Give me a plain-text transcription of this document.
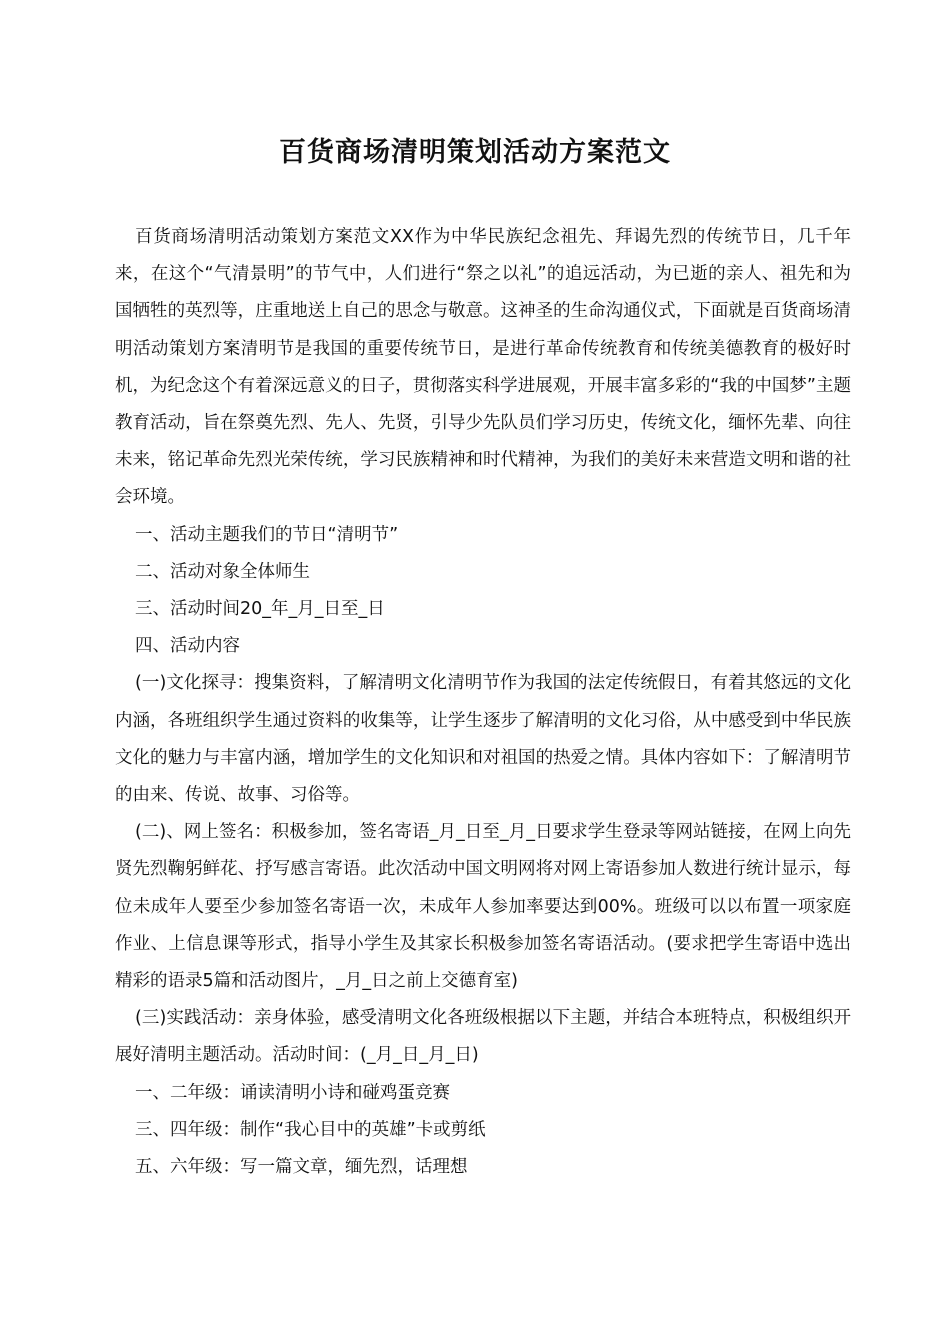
百货商场清明策划活动方案范文

百货商场清明活动策划方案范文XX作为中华民族纪念祖先、拜谒先烈的传统节日，几千年来，在这个“气清景明”的节气中，人们进行“祭之以礼”的追远活动，为已逝的亲人、祖先和为国牺牲的英烈等，庄重地送上自己的思念与敬意。这神圣的生命沟通仪式，下面就是百货商场清明活动策划方案清明节是我国的重要传统节日，是进行革命传统教育和传统美德教育的极好时机，为纪念这个有着深远意义的日子，贯彻落实科学进展观，开展丰富多彩的“我的中国梦”主题教育活动，旨在祭奠先烈、先人、先贤，引导少先队员们学习历史，传统文化，缅怀先辈、向往未来，铭记革命先烈光荣传统，学习民族精神和时代精神，为我们的美好未来营造文明和谐的社会环境。

一、活动主题我们的节日“清明节”

二、活动对象全体师生

三、活动时间20_年_月_日至_日

四、活动内容

(一)文化探寻：搜集资料，了解清明文化清明节作为我国的法定传统假日，有着其悠远的文化内涵，各班组织学生通过资料的收集等，让学生逐步了解清明的文化习俗，从中感受到中华民族文化的魅力与丰富内涵，增加学生的文化知识和对祖国的热爱之情。具体内容如下：了解清明节的由来、传说、故事、习俗等。

(二)、网上签名：积极参加，签名寄语_月_日至_月_日要求学生登录等网站链接，在网上向先贤先烈鞠躬鲜花、抒写感言寄语。此次活动中国文明网将对网上寄语参加人数进行统计显示，每位未成年人要至少参加签名寄语一次，未成年人参加率要达到00%。班级可以以布置一项家庭作业、上信息课等形式，指导小学生及其家长积极参加签名寄语活动。(要求把学生寄语中选出精彩的语录5篇和活动图片，_月_日之前上交德育室)

(三)实践活动：亲身体验，感受清明文化各班级根据以下主题，并结合本班特点，积极组织开展好清明主题活动。活动时间：(_月_日_月_日)

一、二年级：诵读清明小诗和碰鸡蛋竞赛

三、四年级：制作“我心目中的英雄”卡或剪纸

五、六年级：写一篇文章，缅先烈，话理想
